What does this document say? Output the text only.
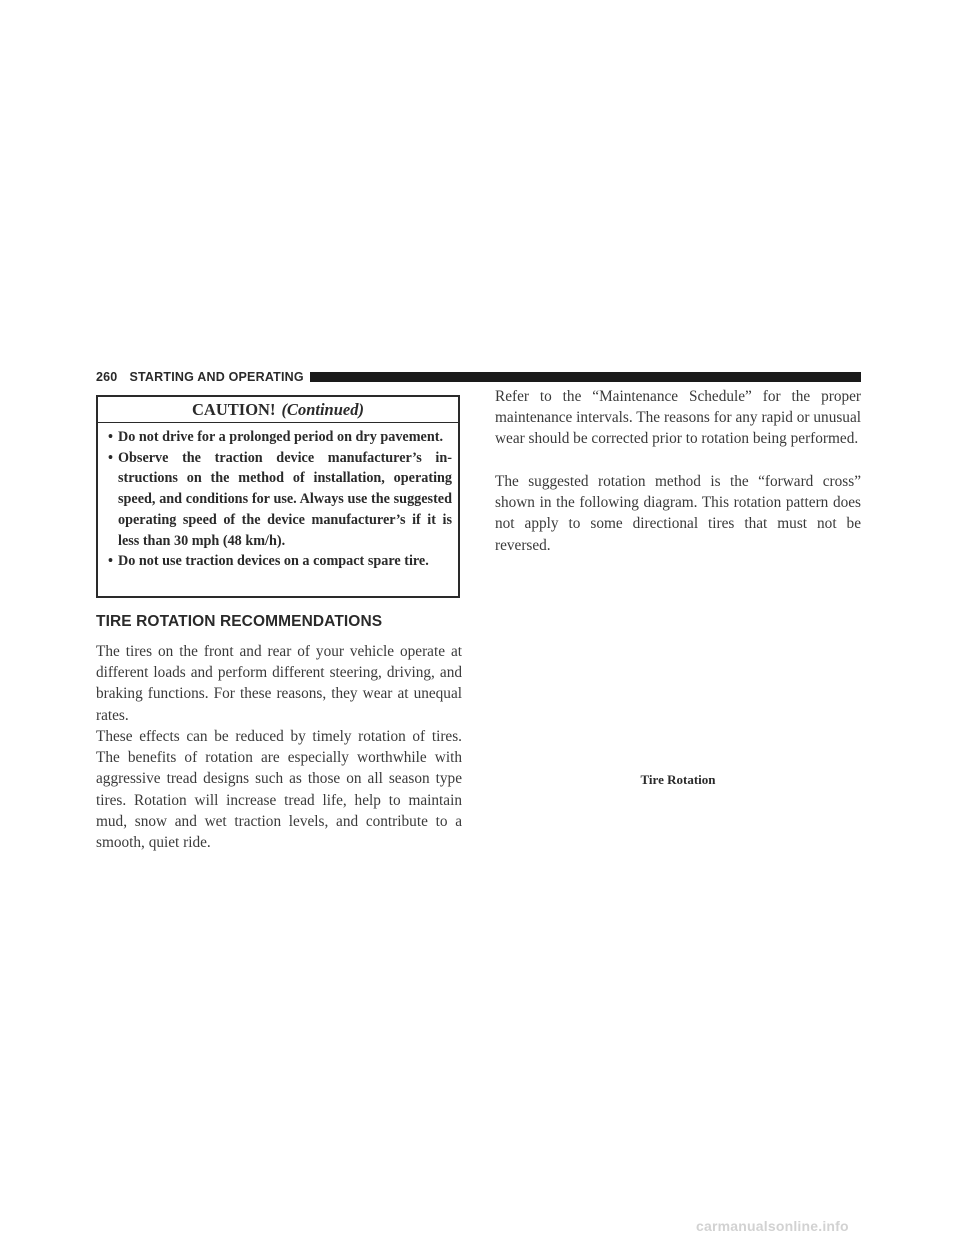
260 STARTING AND OPERATING
CAUTION! (Continued)
• Do not drive for a prolonged period on dry pavement.
• Observe the traction device manufacturer’s instructions on the method of installation, operating speed, and conditions for use. Always use the suggested operating speed of the device manufacturer’s if it is less than 30 mph (48 km/h).
• Do not use traction devices on a compact spare tire.
TIRE ROTATION RECOMMENDATIONS

The tires on the front and rear of your vehicle operate at different loads and perform different steering, driving, and braking functions. For these reasons, they wear at unequal rates.

These effects can be reduced by timely rotation of tires. The benefits of rotation are especially worthwhile with aggressive tread designs such as those on all season type tires. Rotation will increase tread life, help to maintain mud, snow and wet traction levels, and contribute to a smooth, quiet ride.

Refer to the “Maintenance Schedule” for the proper maintenance intervals. The reasons for any rapid or unusual wear should be corrected prior to rotation being performed.

The suggested rotation method is the “forward cross” shown in the following diagram. This rotation pattern does not apply to some directional tires that must not be reversed.

Tire Rotation
carmanualsonline.info
